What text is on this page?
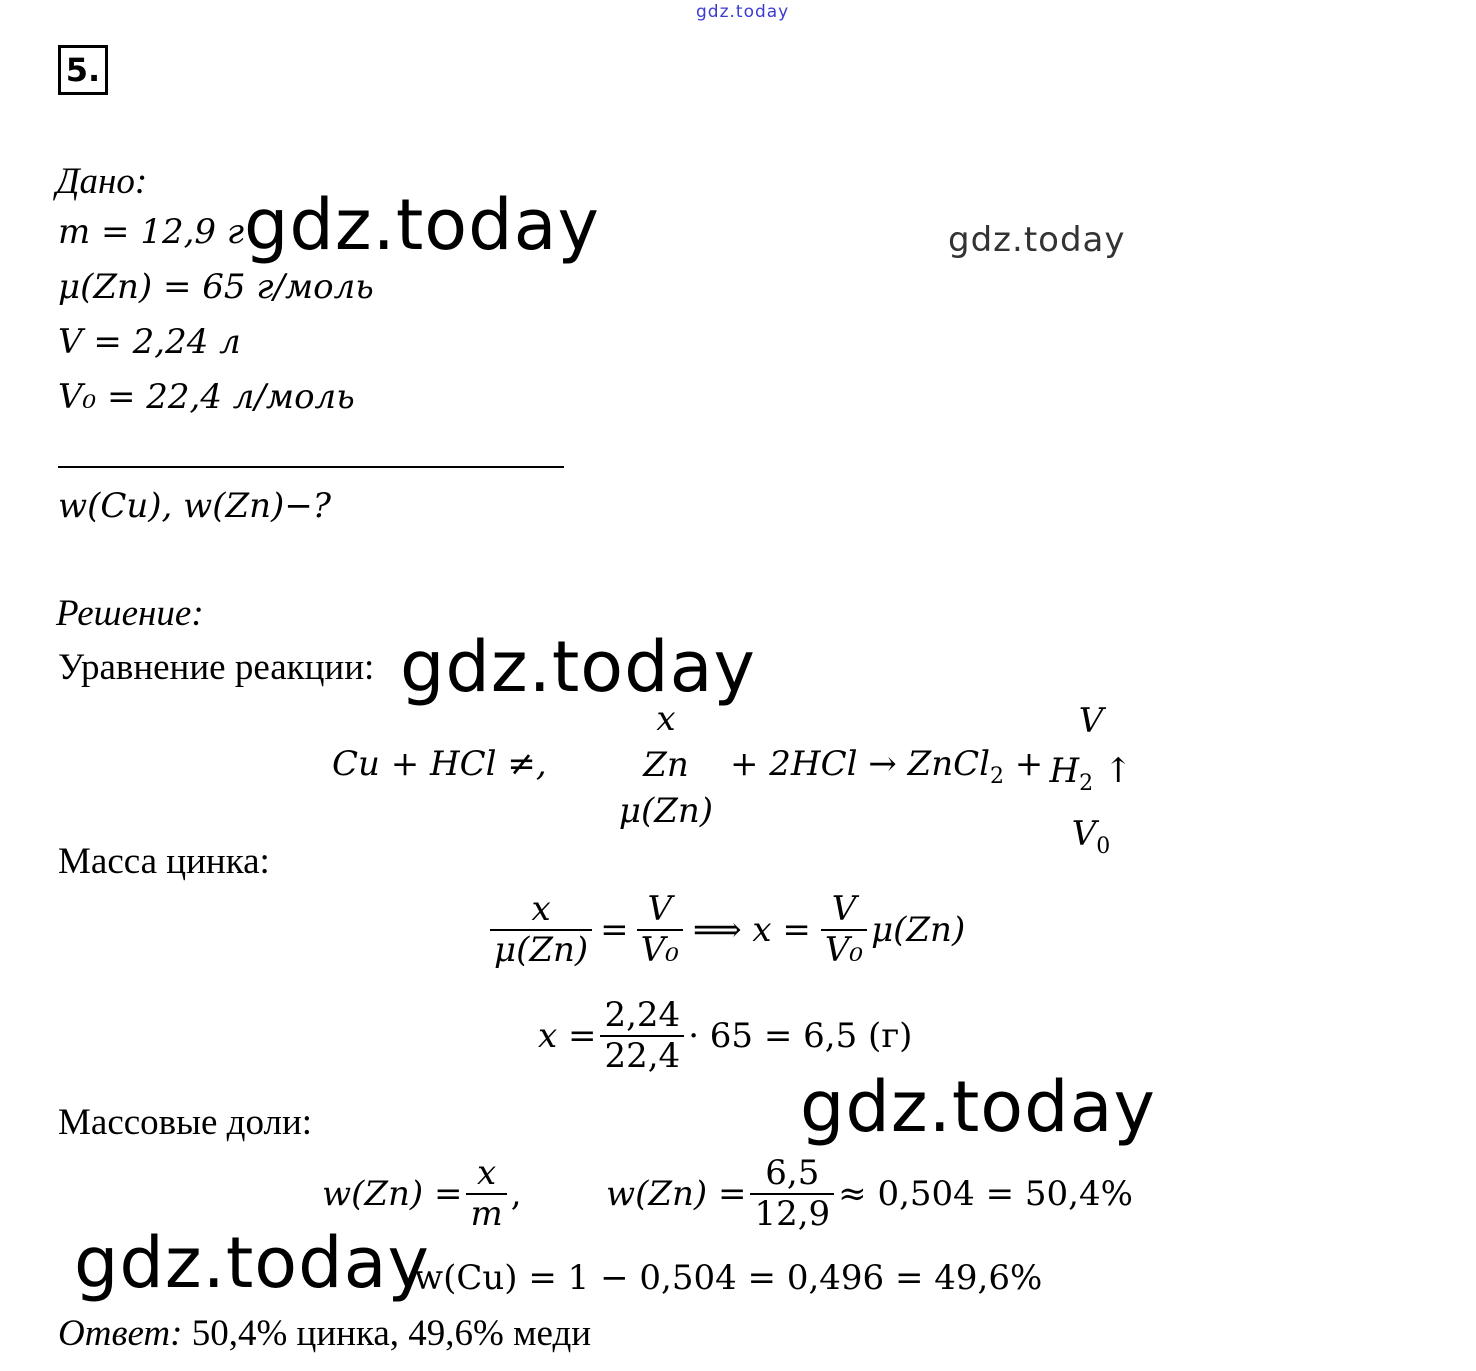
gdz.today
5.
Дано:
m = 12,9 г
μ(Zn) = 65 г/моль
V = 2,24 л
V₀ = 22,4 л/моль
w(Cu), w(Zn)−?
Решение:
Уравнение реакции:
Cu + HCl ≠,
x
Zn
μ(Zn)
+ 2HCl → ZnCl$_2$ +
V
$H_2$ ↑
$V_0$
Масса цинка:
$\frac{x}{\mu(Zn)} = \frac{V}{\text{V₀}}$ ⟹ $x = \frac{V}{\text{V₀}} \mu(Zn)$
$x = \frac{2,24}{22,4} \cdot 65 = 6,5$ (г)
Массовые доли:
$w(Zn) = \frac{x}{m}$ , $w(Zn) = \frac{6,5}{12,9} \approx 0,504 = 50,4\%$
w(Cu) = 1 − 0,504 = 0,496 = 49,6%
Ответ: 50,4% цинка, 49,6% меди
gdz.today	gdz.today
gdz.today
gdz.today
gdz.today
